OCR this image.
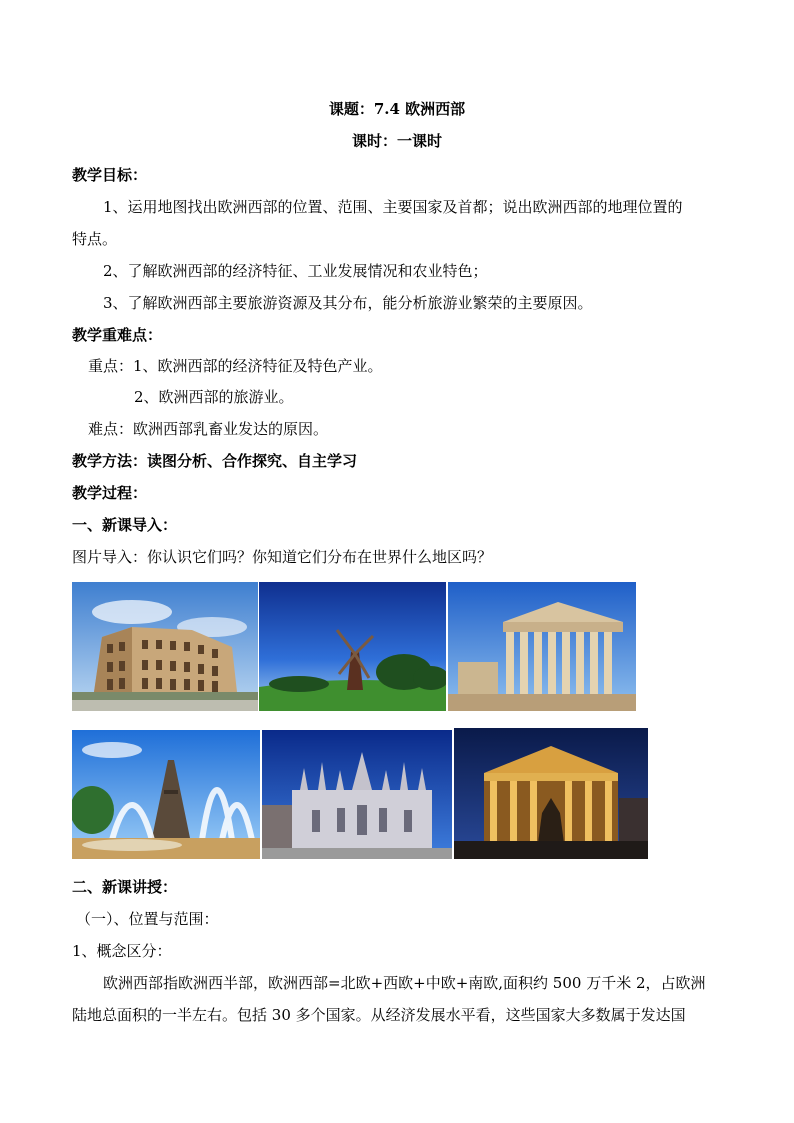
课题：7.4 欧洲西部
课时：一课时
教学目标：
1、运用地图找出欧洲西部的位置、范围、主要国家及首都；说出欧洲西部的地理位置的
特点。
2、了解欧洲西部的经济特征、工业发展情况和农业特色；
3、了解欧洲西部主要旅游资源及其分布，能分析旅游业繁荣的主要原因。
教学重难点：
重点：1、欧洲西部的经济特征及特色产业。
2、欧洲西部的旅游业。
难点：欧洲西部乳畜业发达的原因。
教学方法：读图分析、合作探究、自主学习
教学过程：
一、新课导入：
图片导入：你认识它们吗？你知道它们分布在世界什么地区吗？
二、新课讲授：
（一）、位置与范围：
1、概念区分：
欧洲西部指欧洲西半部，欧洲西部=北欧+西欧+中欧+南欧,面积约 500 万千米 2，占欧洲
陆地总面积的一半左右。包括 30 多个国家。从经济发展水平看，这些国家大多数属于发达国
